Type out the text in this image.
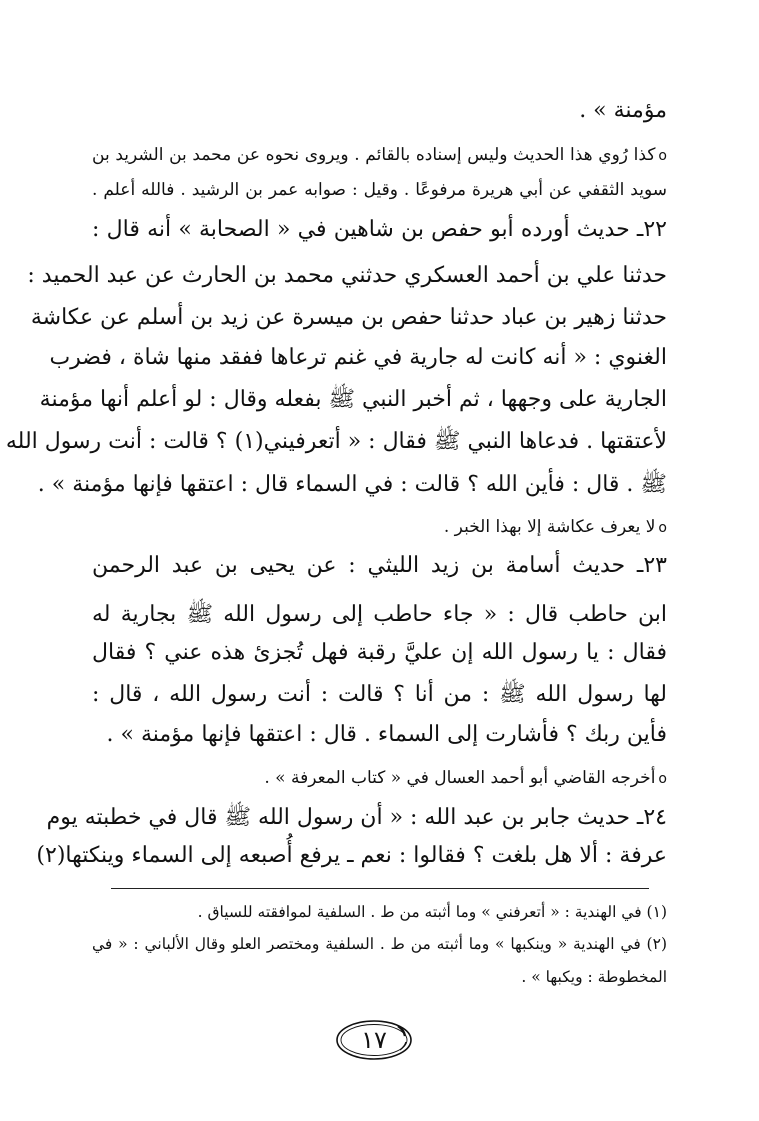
مؤمنة » .
o كذا رُوي هذا الحديث وليس إسناده بالقائم . ويروى نحوه عن محمد بن الشريد بن
سويد الثقفي عن أبي هريرة مرفوعًا . وقيل : صوابه عمر بن الرشيد . فالله أعلم .
٢٢ـ حديث أورده أبو حفص بن شاهين في « الصحابة » أنه قال :
حدثنا علي بن أحمد العسكري حدثني محمد بن الحارث عن عبد الحميد :
حدثنا زهير بن عباد حدثنا حفص بن ميسرة عن زيد بن أسلم عن عكاشة
الغنوي : « أنه كانت له جارية في غنم ترعاها ففقد منها شاة ، فضرب
الجارية على وجهها ، ثم أخبر النبي ﷺ بفعله وقال : لو أعلم أنها مؤمنة
لأعتقتها . فدعاها النبي ﷺ فقال : « أتعرفيني(١) ؟ قالت : أنت رسول الله
ﷺ . قال : فأين الله ؟ قالت : في السماء قال : اعتقها فإنها مؤمنة » .
o لا يعرف عكاشة إلا بهذا الخبر .
٢٣ـ حديث أسامة بن زيد الليثي : عن يحيى بن عبد الرحمن
ابن حاطب قال : « جاء حاطب إلى رسول الله ﷺ بجارية له
فقال : يا رسول الله إن عليَّ رقبة فهل تُجزئ هذه عني ؟ فقال
لها رسول الله ﷺ : من أنا ؟ قالت : أنت رسول الله ، قال :
فأين ربك ؟ فأشارت إلى السماء . قال : اعتقها فإنها مؤمنة » .
o أخرجه القاضي أبو أحمد العسال في « كتاب المعرفة » .
٢٤ـ حديث جابر بن عبد الله : « أن رسول الله ﷺ قال في خطبته يوم
عرفة : ألا هل بلغت ؟ فقالوا : نعم ـ يرفع أُصبعه إلى السماء وينكتها(٢)
(١) في الهندية : « أتعرفني » وما أثبته من ط . السلفية لموافقته للسياق .
(٢) في الهندية « وينكبها » وما أثبته من ط . السلفية ومختصر العلو وقال الألباني : « في
المخطوطة : ويكبها » .
١٧
